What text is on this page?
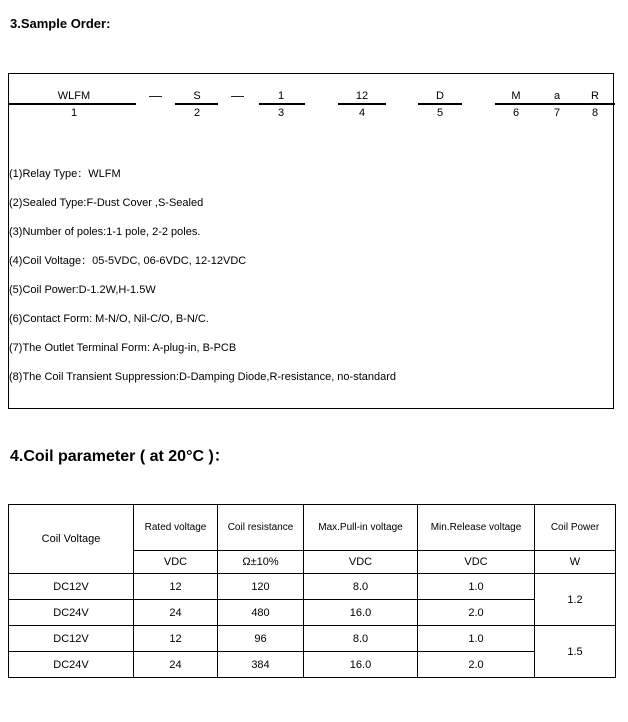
3.Sample Order:
WLFM	S	1	12	D	M	a	R
—	—
1	2	3	4	5	6	7	8
(1)Relay Type：WLFM
(2)Sealed Type:F-Dust Cover ,S-Sealed
(3)Number of poles:1-1 pole, 2-2 poles.
(4)Coil Voltage：05-5VDC, 06-6VDC, 12-12VDC
(5)Coil Power:D-1.2W,H-1.5W
(6)Contact Form: M-N/O, Nil-C/O, B-N/C.
(7)The Outlet Terminal Form: A-plug-in, B-PCB
(8)The Coil Transient Suppression:D-Damping Diode,R-resistance, no-standard
4.Coil parameter ( at 20°C )：
Coil Voltage	Rated voltage	Coil resistance	Max.Pull-in voltage	Min.Release voltage	Coil Power
	VDC	Ω±10%	VDC	VDC	W
DC12V	12	120	8.0	1.0	1.2
DC24V	24	480	16.0	2.0	
DC12V	12	96	8.0	1.0	1.5
DC24V	24	384	16.0	2.0	
